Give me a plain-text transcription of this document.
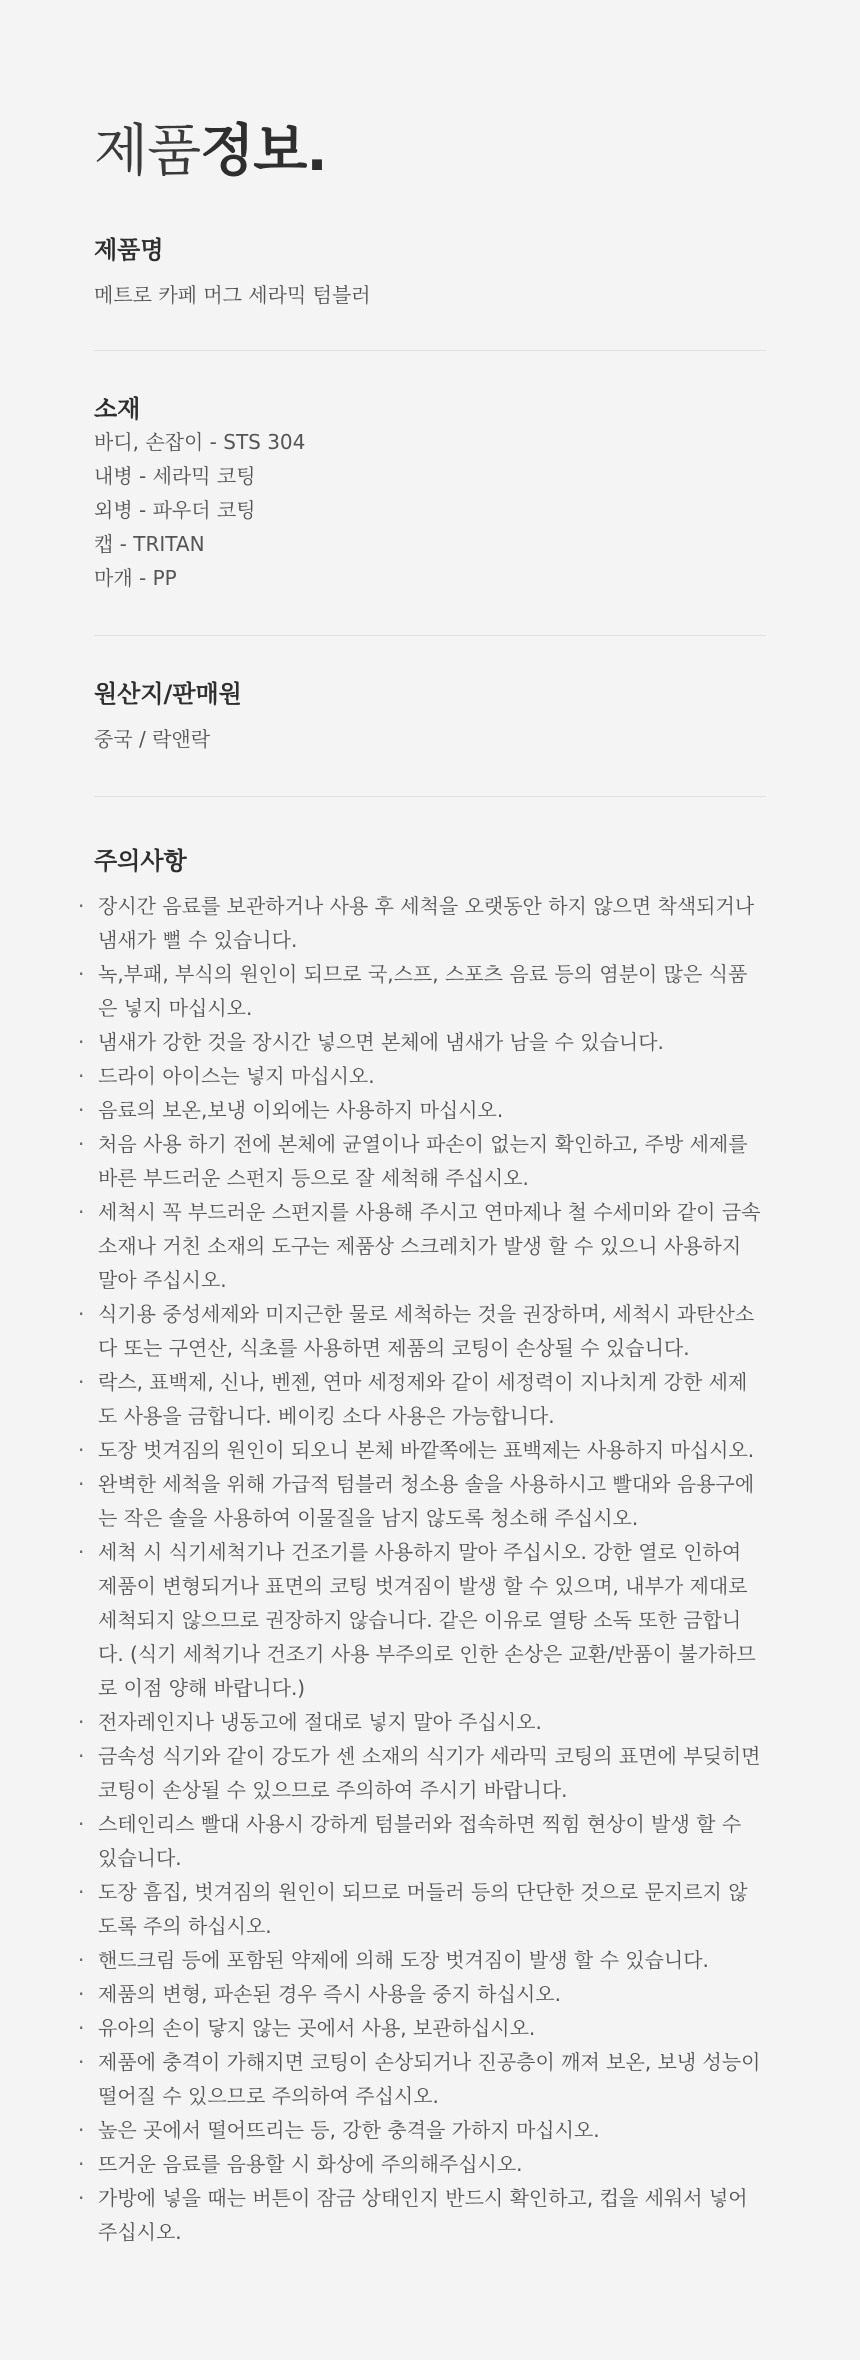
제품정보.
제품명
메트로 카페 머그 세라믹 텀블러
소재
바디, 손잡이 - STS 304
내병 - 세라믹 코팅
외병 - 파우더 코팅
캡 - TRITAN
마개 - PP
원산지/판매원
중국 / 락앤락
주의사항
· 장시간 음료를 보관하거나 사용 후 세척을 오랫동안 하지 않으면 착색되거나 냄새가 뻘 수 있습니다.
· 녹,부패, 부식의 원인이 되므로 국,스프, 스포츠 음료 등의 염분이 많은 식품은 넣지 마십시오.
· 냄새가 강한 것을 장시간 넣으면 본체에 냄새가 남을 수 있습니다.
· 드라이 아이스는 넣지 마십시오.
· 음료의 보온,보냉 이외에는 사용하지 마십시오.
· 처음 사용 하기 전에 본체에 균열이나 파손이 없는지 확인하고, 주방 세제를 바른 부드러운 스펀지 등으로 잘 세척해 주십시오.
· 세척시 꼭 부드러운 스펀지를 사용해 주시고 연마제나 철 수세미와 같이 금속 소재나 거친 소재의 도구는 제품상 스크레치가 발생 할 수 있으니 사용하지 말아 주십시오.
· 식기용 중성세제와 미지근한 물로 세척하는 것을 권장하며, 세척시 과탄산소다 또는 구연산, 식초를 사용하면 제품의 코팅이 손상될 수 있습니다.
· 락스, 표백제, 신나, 벤젠, 연마 세정제와 같이 세정력이 지나치게 강한 세제도 사용을 금합니다. 베이킹 소다 사용은 가능합니다.
· 도장 벗겨짐의 원인이 되오니 본체 바깥쪽에는 표백제는 사용하지 마십시오.
· 완벽한 세척을 위해 가급적 텀블러 청소용 솔을 사용하시고 빨대와 음용구에는 작은 솔을 사용하여 이물질을 남지 않도록 청소해 주십시오.
· 세척 시 식기세척기나 건조기를 사용하지 말아 주십시오. 강한 열로 인하여 제품이 변형되거나 표면의 코팅 벗겨짐이 발생 할 수 있으며, 내부가 제대로 세척되지 않으므로 권장하지 않습니다. 같은 이유로 열탕 소독 또한 금합니다. (식기 세척기나 건조기 사용 부주의로 인한 손상은 교환/반품이 불가하므로 이점 양해 바랍니다.)
· 전자레인지나 냉동고에 절대로 넣지 말아 주십시오.
· 금속성 식기와 같이 강도가 센 소재의 식기가 세라믹 코팅의 표면에 부딪히면 코팅이 손상될 수 있으므로 주의하여 주시기 바랍니다.
· 스테인리스 빨대 사용시 강하게 텀블러와 접속하면 찍힘 현상이 발생 할 수 있습니다.
· 도장 흠집, 벗겨짐의 원인이 되므로 머들러 등의 단단한 것으로 문지르지 않도록 주의 하십시오.
· 핸드크림 등에 포함된 약제에 의해 도장 벗겨짐이 발생 할 수 있습니다.
· 제품의 변형, 파손된 경우 즉시 사용을 중지 하십시오.
· 유아의 손이 닿지 않는 곳에서 사용, 보관하십시오.
· 제품에 충격이 가해지면 코팅이 손상되거나 진공층이 깨져 보온, 보냉 성능이 떨어질 수 있으므로 주의하여 주십시오.
· 높은 곳에서 떨어뜨리는 등, 강한 충격을 가하지 마십시오.
· 뜨거운 음료를 음용할 시 화상에 주의해주십시오.
· 가방에 넣을 때는 버튼이 잠금 상태인지 반드시 확인하고, 컵을 세워서 넣어 주십시오.
